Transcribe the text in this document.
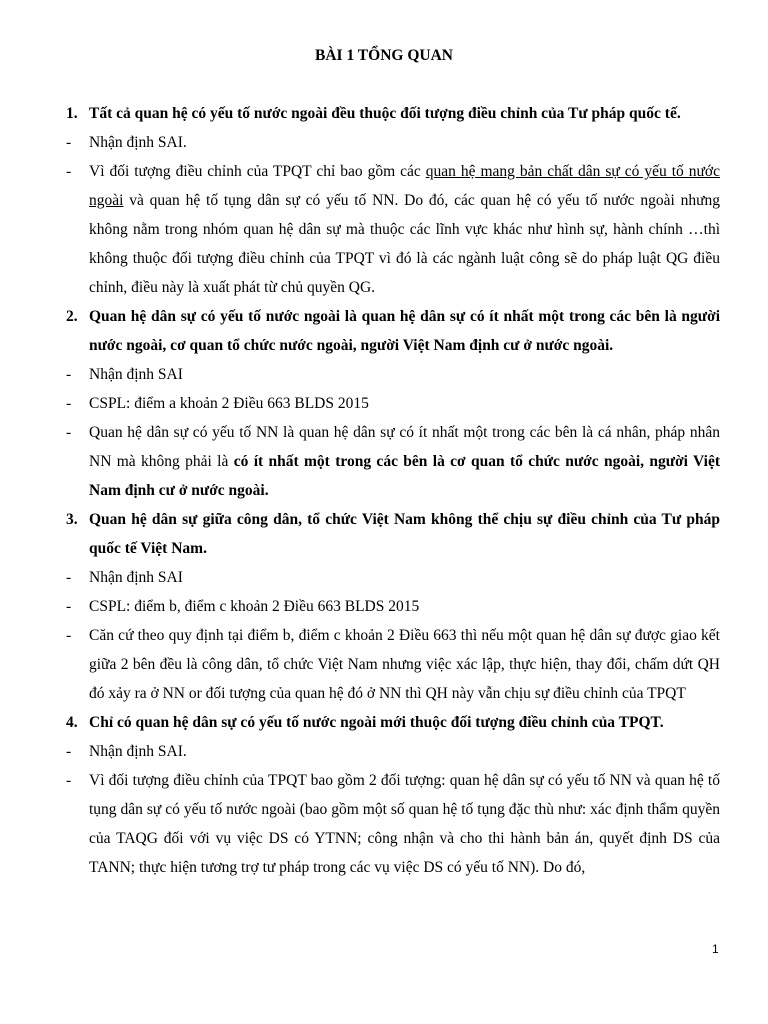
BÀI 1 TỔNG QUAN
1. Tất cả quan hệ có yếu tố nước ngoài đều thuộc đối tượng điều chỉnh của Tư pháp quốc tế.
- Nhận định SAI.
- Vì đối tượng điều chỉnh của TPQT chỉ bao gồm các quan hệ mang bản chất dân sự có yếu tố nước ngoài và quan hệ tố tụng dân sự có yếu tố NN. Do đó, các quan hệ có yếu tố nước ngoài nhưng không nằm trong nhóm quan hệ dân sự mà thuộc các lĩnh vực khác như hình sự, hành chính …thì không thuộc đối tượng điều chỉnh của TPQT vì đó là các ngành luật công sẽ do pháp luật QG điều chỉnh, điều này là xuất phát từ chủ quyền QG.
2. Quan hệ dân sự có yếu tố nước ngoài là quan hệ dân sự có ít nhất một trong các bên là người nước ngoài, cơ quan tổ chức nước ngoài, người Việt Nam định cư ở nước ngoài.
- Nhận định SAI
- CSPL: điểm a khoản 2 Điều 663 BLDS 2015
- Quan hệ dân sự có yếu tố NN là quan hệ dân sự có ít nhất một trong các bên là cá nhân, pháp nhân NN mà không phải là có ít nhất một trong các bên là cơ quan tổ chức nước ngoài, người Việt Nam định cư ở nước ngoài.
3. Quan hệ dân sự giữa công dân, tổ chức Việt Nam không thể chịu sự điều chỉnh của Tư pháp quốc tế Việt Nam.
- Nhận định SAI
- CSPL: điểm b, điểm c khoản 2 Điều 663 BLDS 2015
- Căn cứ theo quy định tại điểm b, điểm c khoản 2 Điều 663 thì nếu một quan hệ dân sự được giao kết giữa 2 bên đều là công dân, tổ chức Việt Nam nhưng việc xác lập, thực hiện, thay đổi, chấm dứt QH đó xảy ra ở NN or đối tượng của quan hệ đó ở NN thì QH này vẫn chịu sự điều chỉnh của TPQT
4. Chỉ có quan hệ dân sự có yếu tố nước ngoài mới thuộc đối tượng điều chỉnh của TPQT.
- Nhận định SAI.
- Vì đối tượng điều chỉnh của TPQT bao gồm 2 đối tượng: quan hệ dân sự có yếu tố NN và quan hệ tố tụng dân sự có yếu tố nước ngoài (bao gồm một số quan hệ tố tụng đặc thù như: xác định thẩm quyền của TAQG đối với vụ việc DS có YTNN; công nhận và cho thi hành bản án, quyết định DS của TANN; thực hiện tương trợ tư pháp trong các vụ việc DS có yếu tố NN). Do đó,
1
